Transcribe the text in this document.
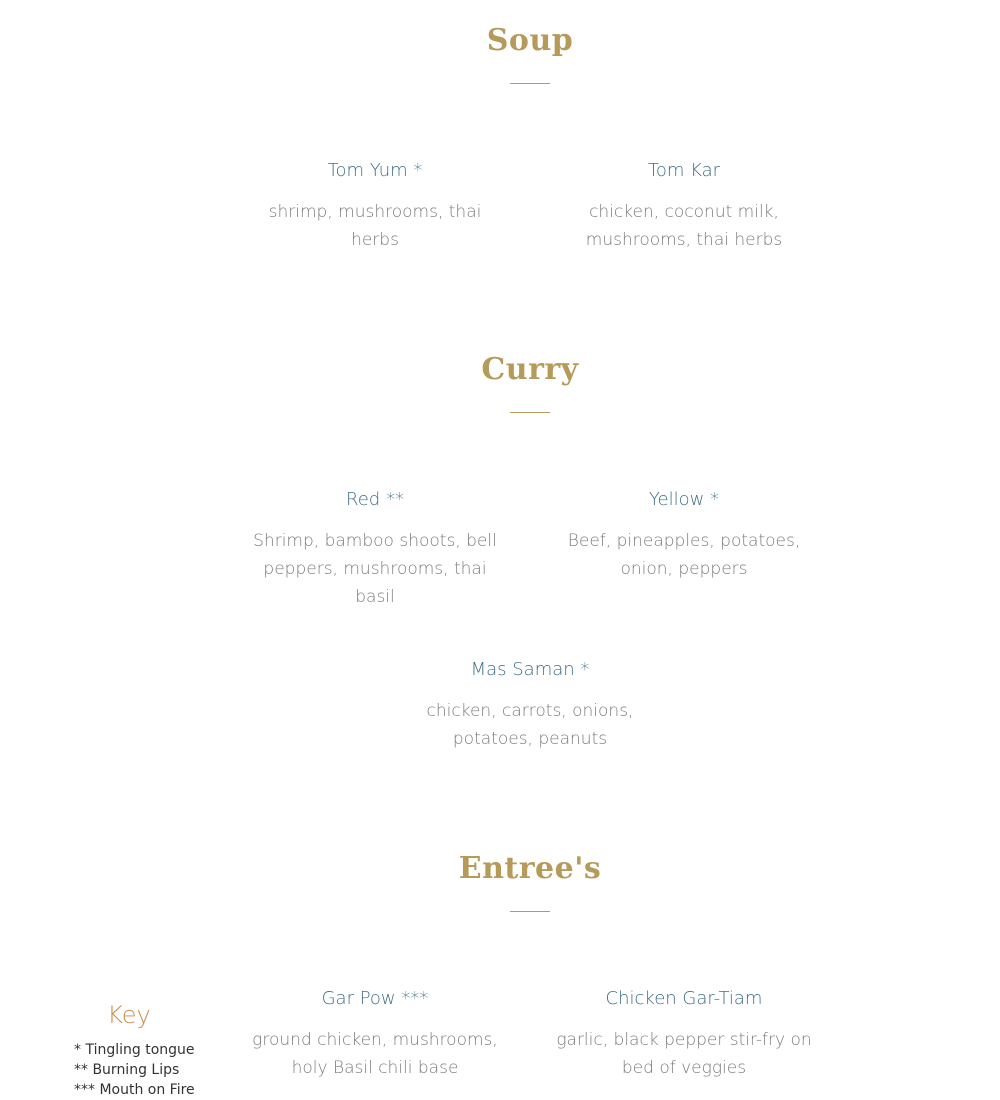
Soup

Tom Yum *

shrimp, mushrooms, thai herbs

Tom Kar

chicken, coconut milk, mushrooms, thai herbs

Curry

Red **

Shrimp, bamboo shoots, bell peppers, mushrooms, thai basil

Yellow *

Beef, pineapples, potatoes, onion, peppers

Mas Saman *

chicken, carrots, onions, potatoes, peanuts

Entree's

Gar Pow ***

ground chicken, mushrooms, holy Basil chili base

Chicken Gar-Tiam

garlic, black pepper stir-fry on bed of veggies

Key
* Tingling tongue
** Burning Lips
*** Mouth on Fire
